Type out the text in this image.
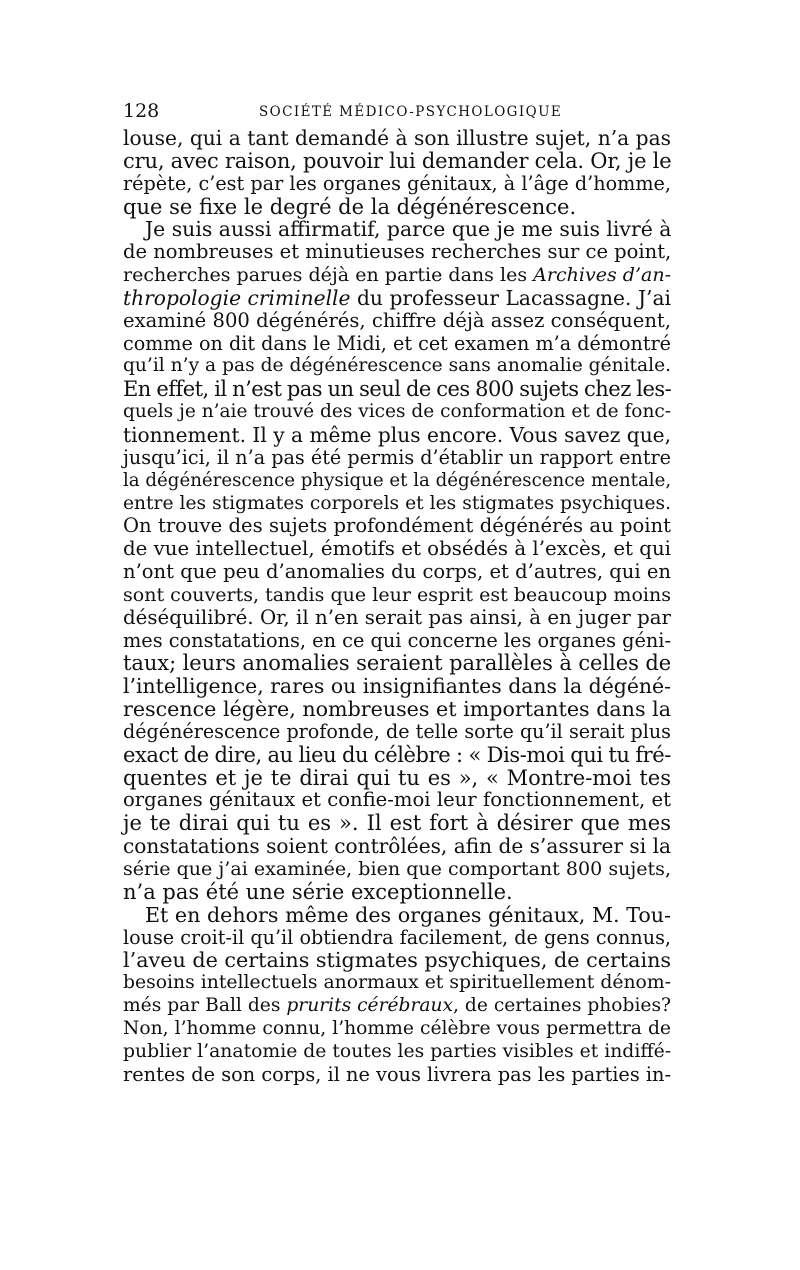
128	SOCIÉTÉ MÉDICO-PSYCHOLOGIQUE
louse, qui a tant demandé à son illustre sujet, n’a pas
cru, avec raison, pouvoir lui demander cela. Or, je le
répète, c’est par les organes génitaux, à l’âge d’homme,
que se fixe le degré de la dégénérescence.
Je suis aussi affirmatif, parce que je me suis livré à
de nombreuses et minutieuses recherches sur ce point,
recherches parues déjà en partie dans les Archives d’an-
thropologie criminelle du professeur Lacassagne. J’ai
examiné 800 dégénérés, chiffre déjà assez conséquent,
comme on dit dans le Midi, et cet examen m’a démontré
qu’il n’y a pas de dégénérescence sans anomalie génitale.
En effet, il n’est pas un seul de ces 800 sujets chez les-
quels je n’aie trouvé des vices de conformation et de fonc-
tionnement. Il y a même plus encore. Vous savez que,
jusqu’ici, il n’a pas été permis d’établir un rapport entre
la dégénérescence physique et la dégénérescence mentale,
entre les stigmates corporels et les stigmates psychiques.
On trouve des sujets profondément dégénérés au point
de vue intellectuel, émotifs et obsédés à l’excès, et qui
n’ont que peu d’anomalies du corps, et d’autres, qui en
sont couverts, tandis que leur esprit est beaucoup moins
déséquilibré. Or, il n’en serait pas ainsi, à en juger par
mes constatations, en ce qui concerne les organes géni-
taux; leurs anomalies seraient parallèles à celles de
l’intelligence, rares ou insignifiantes dans la dégéné-
rescence légère, nombreuses et importantes dans la
dégénérescence profonde, de telle sorte qu’il serait plus
exact de dire, au lieu du célèbre : « Dis-moi qui tu fré-
quentes et je te dirai qui tu es », « Montre-moi tes
organes génitaux et confie-moi leur fonctionnement, et
je te dirai qui tu es ». Il est fort à désirer que mes
constatations soient contrôlées, afin de s’assurer si la
série que j’ai examinée, bien que comportant 800 sujets,
n’a pas été une série exceptionnelle.
Et en dehors même des organes génitaux, M. Tou-
louse croit-il qu’il obtiendra facilement, de gens connus,
l’aveu de certains stigmates psychiques, de certains
besoins intellectuels anormaux et spirituellement dénom-
més par Ball des prurits cérébraux, de certaines phobies?
Non, l’homme connu, l’homme célèbre vous permettra de
publier l’anatomie de toutes les parties visibles et indiffé-
rentes de son corps, il ne vous livrera pas les parties in-
